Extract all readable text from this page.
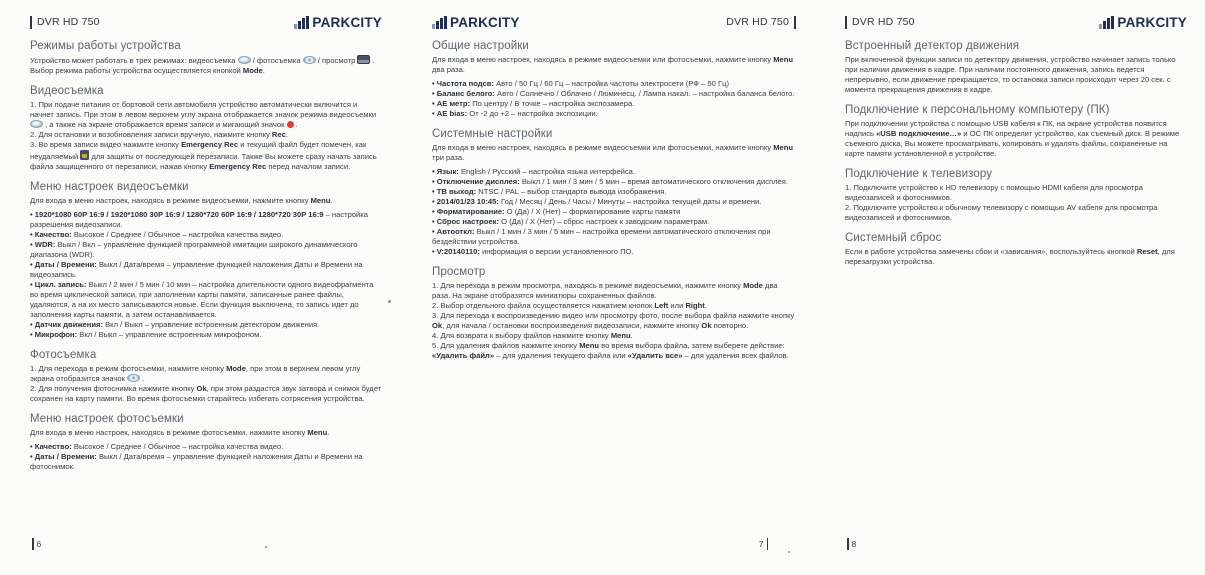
DVR HD 750	PARKCITY
Режимы работы устройства

Устройство может работать в трех режимах: видеосъемка  / фотосъемка  / просмотр  . Выбор режима работы устройства осуществляется кнопкой Mode.

Видеосъемка

1. При подаче питания от бортовой сети автомобиля устройство автоматически включится и начнет запись. При этом в левом верхнем углу экрана отображается значок режима видеосъемки  , а также на экране отображается время записи и мигающий значок  .

2. Для остановки и возобновления записи вручную, нажмите кнопку Rec.

3. Во время записи видео нажмите кнопку Emergency Rec и текущий файл будет помечен, как неудаляемый  для защиты от последующей перезаписи. Также Вы можете сразу начать запись файла защищенного от перезаписи, нажав кнопку Emergency Rec перед началом записи.

Меню настроек видеосъемки

Для входа в меню настроек, находясь в режиме видеосъемки, нажмите кнопку Menu.

• 1920*1080 60P 16:9 / 1920*1080 30P 16:9 / 1280*720 60P 16:9 / 1280*720 30P 16:9 – настройка разрешения видеозаписи.

• Качество: Высокое / Среднее / Обычное – настройка качества видео.

• WDR: Выкл / Вкл – управление функцией программной имитации широкого динамического диапазона (WDR).

• Даты / Времени: Выкл / Дата/время – управление функцией наложения Даты и Времени на видеозапись.

• Цикл. запись: Выкл / 2 мин / 5 мин / 10 мин – настройка длительности одного видеофрагмента во время циклической записи, при заполнении карты памяти, записанные ранее файлы, удаляются, а на их место записываются новые. Если функция выключена, то запись идет до заполнения карты памяти, а затем останавливается.

• Датчик движения: Вкл / Выкл – управление встроенным детектором движения.

• Микрофон: Вкл / Выкл – управление встроенным микрофоном.

Фотосъемка

1. Для перехода в режим фотосъемки, нажмите кнопку Mode, при этом в верхнем левом углу экрана отобразится значок  .

2. Для получения фотоснимка нажмите кнопку Ok, при этом раздастся звук затвора и снимок будет сохранен на карту памяти. Во время фотосъемки старайтесь избегать сотрясения устройства.

Меню настроек фотосъемки

Для входа в меню настроек, находясь в режиме фотосъемки, нажмите кнопку Menu.

• Качество: Высокое / Среднее / Обычное – настройка качества видео.

• Даты / Времени: Выкл / Дата/время – управление функцией наложения Даты и Времени на фотоснимок.

6
PARKCITY	DVR HD 750
Общие настройки

Для входа в меню настроек, находясь в режиме видеосъемки или фотосъемки, нажмите кнопку Menu два раза.

• Частота подсв: Авто / 50 Гц / 60 Гц – настройка частоты электросети (РФ – 50 Гц)

• Баланс белого: Авто / Солнечно / Облачно / Люминесц. / Лампа накал. – настройка баланса белого.

• АЕ метр: По центру / В точке – настройка экспозамера.

• АЕ bias: От -2 до +2 – настройка экспозиции.

Системные настройки

Для входа в меню настроек, находясь в режиме видеосъемки или фотосъемки, нажмите кнопку Menu три раза.

• Язык: English / Русский – настройка языка интерфейса.

• Отключение дисплея: Выкл / 1 мин / 3 мин / 5 мин – время автоматического отключения дисплея.

• ТВ выход: NTSC / PAL – выбор стандарта вывода изображения.

• 2014/01/23 10:45: Год / Месяц / День / Часы / Минуты – настройка текущей даты и времени.

• Форматирование: О (Да) / Х (Нет) – форматирование карты памяти

• Сброс настроек: О (Да) / Х (Нет) – сброс настроек к заводским параметрам.

• Автооткл: Выкл / 1 мин / 3 мин / 5 мин – настройка времени автоматического отключения при бездействии устройства.

• V:20140110: информация о версии установленного ПО.

Просмотр

1. Для перехода в режим просмотра, находясь в режиме видеосъемки, нажмите кнопку Mode два раза. На экране отобразятся миниатюры сохраненных файлов.

2. Выбор отдельного файла осуществляется нажатием кнопок Left или Right.

3. Для перехода к воспроизведению видео или просмотру фото, после выбора файла нажмите кнопку Ok, для начала / остановки воспроизведения видеозаписи, нажмите кнопку Ok повторно.

4. Для возврата к выбору файлов нажмите кнопку Menu.

5. Для удаления файлов нажмите кнопку Menu во время выбора файла, затем выберете действие: «Удалить файл» – для удаления текущего файла или «Удалить все» – для удаления всех файлов.

7
DVR HD 750	PARKCITY
Встроенный детектор движения

При включенной функции записи по детектору движения, устройство начинает запись только при наличии движения в кадре. При наличии постоянного движения, запись ведется непрерывно, если движение прекращается, то остановка записи происходит через 20 сек. с момента прекращения движения в кадре.

Подключение к персональному компьютеру (ПК)

При подключении устройства с помощью USB кабеля к ПК, на экране устройства появится надпись «USB подключение…» и ОС ПК определит устройство, как съемный диск. В режиме съемного диска, Вы можете просматривать, копировать и удалять файлы, сохраненные на карте памяти установленной в устройстве.

Подключение к телевизору

1. Подключите устройство к HD телевизору с помощью HDMI кабеля для просмотра видеозаписей и фотоснимков.

2. Подключите устройство к обычному телевизору с помощью AV кабеля для просмотра видеозаписей и фотоснимков.

Системный сброс

Если в работе устройства замечены сбои и «зависания», воспользуйтесь кнопкой Reset, для перезагрузки устройства.

8
